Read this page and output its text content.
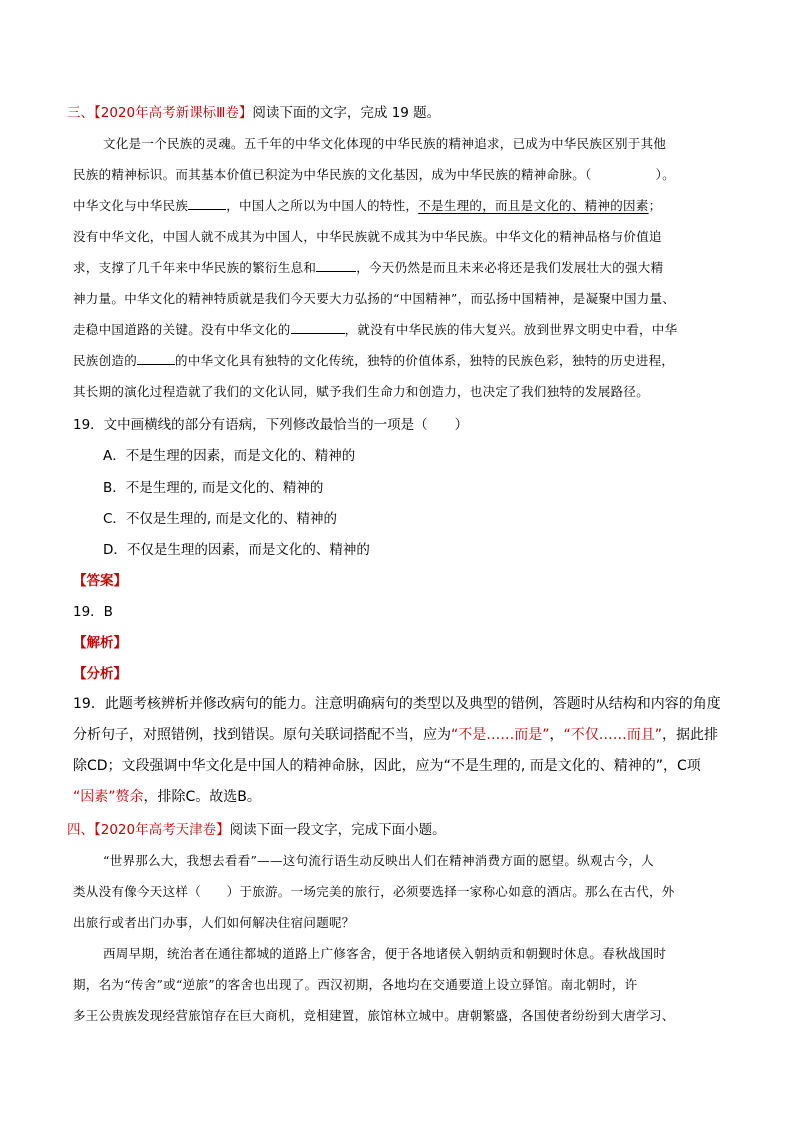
三、【2020年高考新课标Ⅲ卷】阅读下面的文字，完成 19 题。
文化是一个民族的灵魂。五千年的中华文化体现的中华民族的精神追求，已成为中华民族区别于其他
民族的精神标识。而其基本价值已积淀为中华民族的文化基因，成为中华民族的精神命脉。（	）。
中华文化与中华民族	，中国人之所以为中国人的特性，不是生理的，而且是文化的、精神的因素；
没有中华文化，中国人就不成其为中国人，中华民族就不成其为中华民族。中华文化的精神品格与价值追
求，支撑了几千年来中华民族的繁衍生息和	，今天仍然是而且未来必将还是我们发展壮大的强大精
神力量。中华文化的精神特质就是我们今天要大力弘扬的“中国精神”，而弘扬中国精神，是凝聚中国力量、
走稳中国道路的关键。没有中华文化的	，就没有中华民族的伟大复兴。放到世界文明史中看，中华
民族创造的	的中华文化具有独特的文化传统，独特的价值体系，独特的民族色彩，独特的历史进程，
其长期的演化过程造就了我们的文化认同，赋予我们生命力和创造力，也决定了我们独特的发展路径。
19．文中画横线的部分有语病，下列修改最恰当的一项是（　　）
A．不是生理的因素，而是文化的、精神的
B．不是生理的, 而是文化的、精神的
C．不仅是生理的, 而是文化的、精神的
D．不仅是生理的因素，而是文化的、精神的
【答案】
19．B
【解析】
【分析】
19．此题考核辨析并修改病句的能力。注意明确病句的类型以及典型的错例，答题时从结构和内容的角度
分析句子，对照错例，找到错误。原句关联词搭配不当，应为“不是……而是”，“不仅……而且”，据此排
除CD；文段强调中华文化是中国人的精神命脉，因此，应为“不是生理的, 而是文化的、精神的”，C项
“因素”赘余，排除C。故选B。
四、【2020年高考天津卷】阅读下面一段文字，完成下面小题。
“世界那么大，我想去看看”——这句流行语生动反映出人们在精神消费方面的愿望。纵观古今，人
类从没有像今天这样（　　）于旅游。一场完美的旅行，必须要选择一家称心如意的酒店。那么在古代，外
出旅行或者出门办事，人们如何解决住宿问题呢？
西周早期，统治者在通往都城的道路上广修客舍，便于各地诸侯入朝纳贡和朝觐时休息。春秋战国时
期，名为“传舍”或“逆旅”的客舍也出现了。西汉初期，各地均在交通要道上设立驿馆。南北朝时，许
多王公贵族发现经营旅馆存在巨大商机，竞相建置，旅馆林立城中。唐朝繁盛，各国使者纷纷到大唐学习、
